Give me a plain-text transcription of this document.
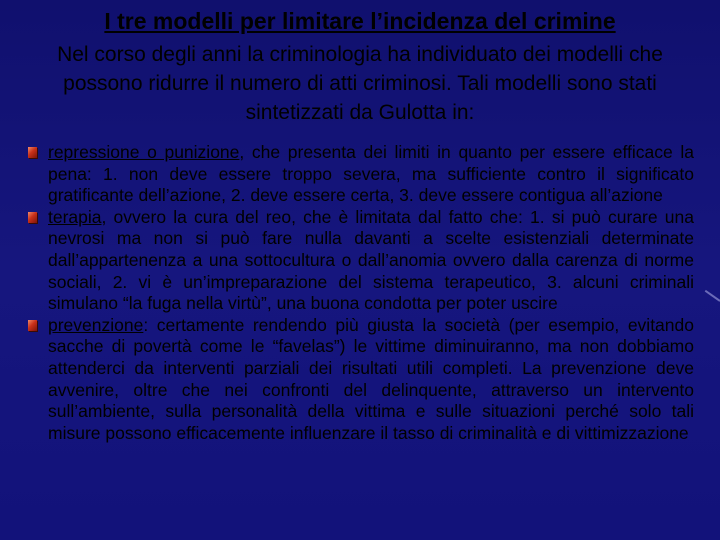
I tre modelli per limitare l’incidenza del crimine
Nel corso degli anni la criminologia ha individuato dei modelli che possono ridurre il numero di atti criminosi. Tali modelli sono stati sintetizzati da Gulotta in:
repressione o punizione, che presenta dei limiti in quanto per essere efficace la pena: 1. non deve essere troppo severa, ma sufficiente contro il significato gratificante dell’azione, 2. deve essere certa, 3. deve essere contigua all’azione
terapia, ovvero la cura del reo, che è limitata dal fatto che: 1. si può curare una nevrosi ma non si può fare nulla davanti a scelte esistenziali determinate dall’appartenenza a una sottocultura o dall’anomia ovvero dalla carenza di norme sociali, 2. vi è un’impreparazione del sistema terapeutico, 3. alcuni criminali simulano “la fuga nella virtù”, una buona condotta per poter uscire
prevenzione: certamente rendendo più giusta la società (per esempio, evitando sacche di povertà come le “favelas”) le vittime diminuiranno, ma non dobbiamo attenderci da interventi parziali dei risultati utili completi. La prevenzione deve avvenire, oltre che nei confronti del delinquente, attraverso un intervento sull’ambiente, sulla personalità della vittima e sulle situazioni perché solo tali misure possono efficacemente influenzare il tasso di criminalità e di vittimizzazione
